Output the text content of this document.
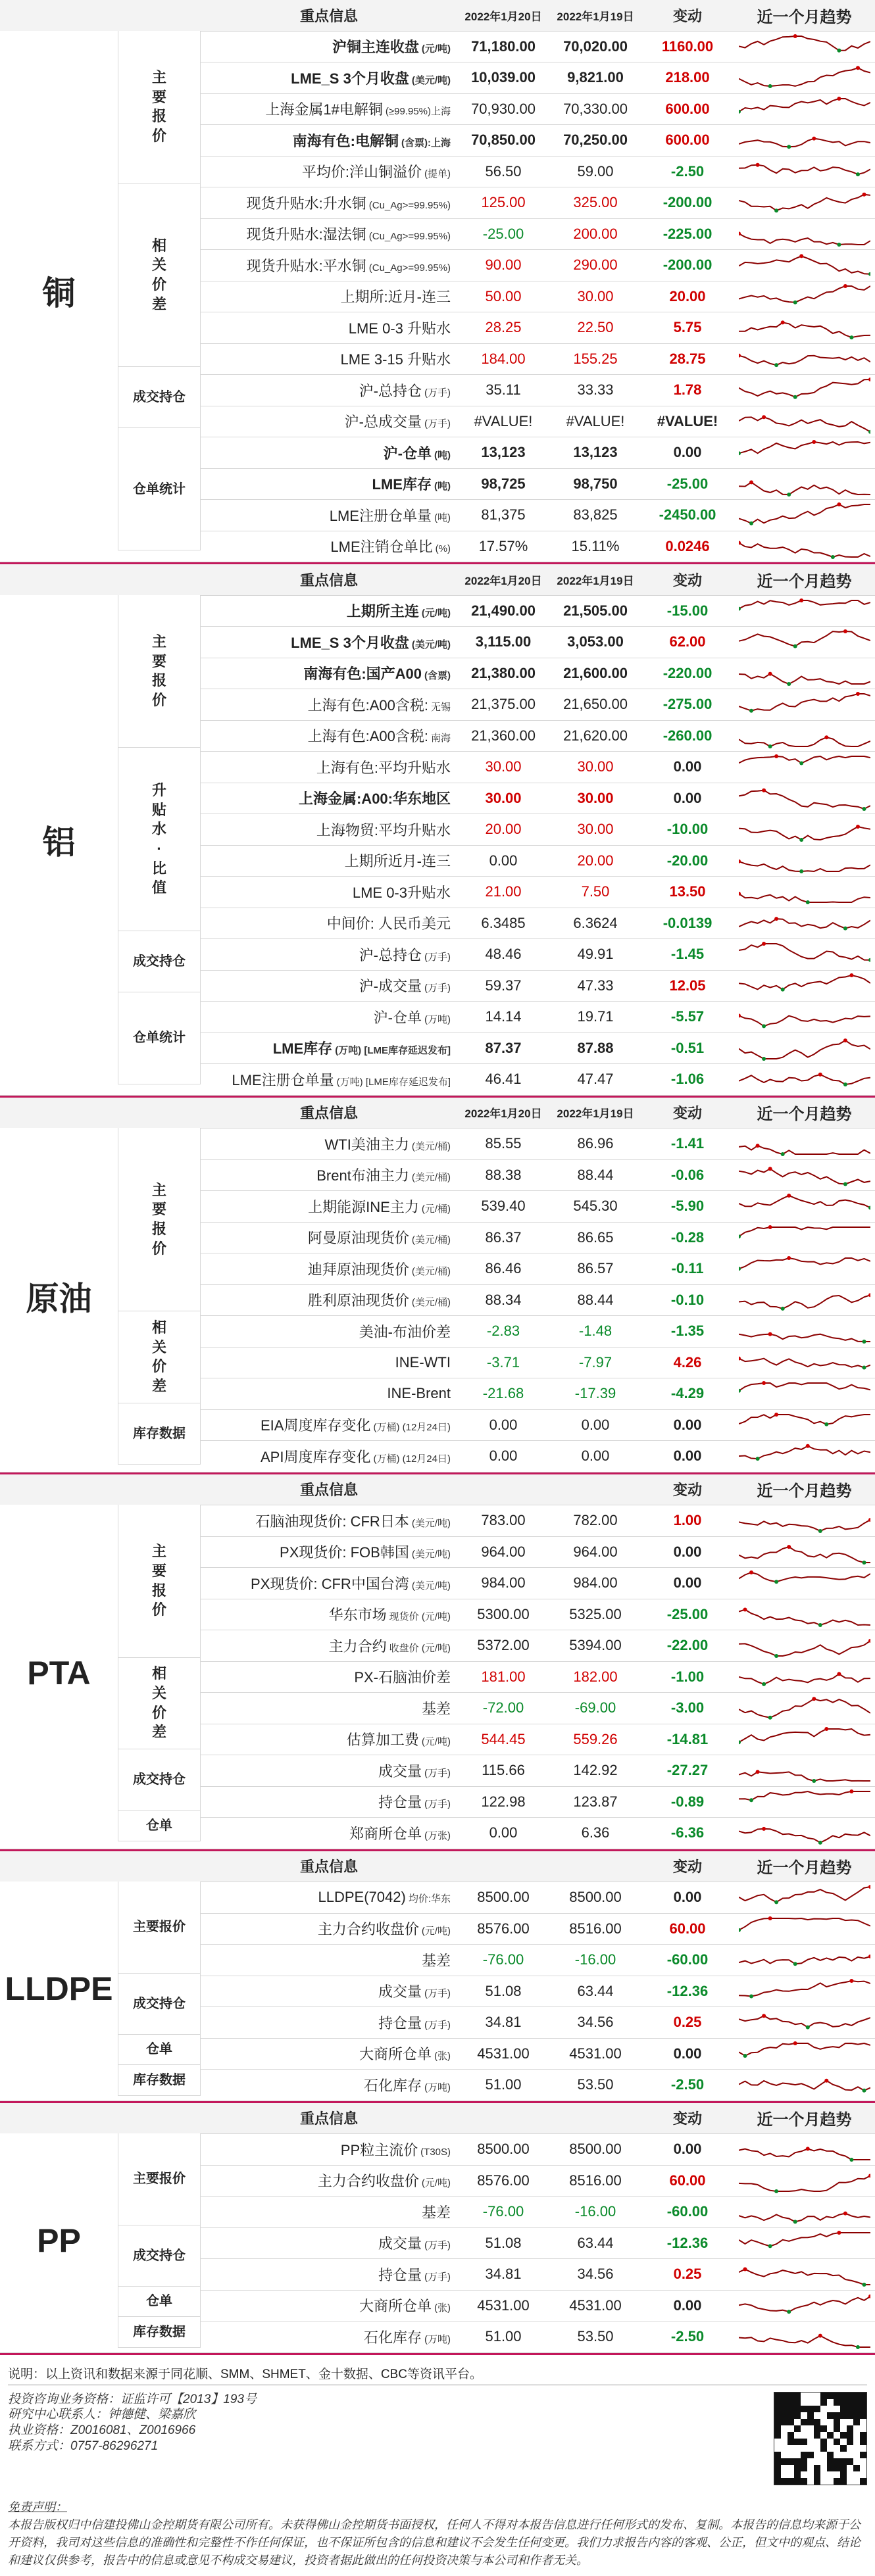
重点信息	2022年1月20日	2022年1月19日	变动	近一个月趋势
主
要
报
价
沪铜主连收盘 (元/吨)	71,180.00	70,020.00	1160.00
LME_S 3个月收盘 (美元/吨)	10,039.00	9,821.00	218.00
上海金属1#电解铜 (≥99.95%)上海	70,930.00	70,330.00	600.00
南海有色:电解铜 (含票):上海	70,850.00	70,250.00	600.00
平均价:洋山铜溢价 (提单)	56.50	59.00	-2.50
相
关
价
差
现货升贴水:升水铜 (Cu_Ag>=99.95%)	125.00	325.00	-200.00
现货升贴水:湿法铜 (Cu_Ag>=99.95%)	-25.00	200.00	-225.00
现货升贴水:平水铜 (Cu_Ag>=99.95%)	90.00	290.00	-200.00
上期所:近月-连三	50.00	30.00	20.00
LME 0-3 升贴水	28.25	22.50	5.75
LME 3-15 升贴水	184.00	155.25	28.75
成交持仓	沪-总持仓 (万手)	35.11	33.33	1.78
沪-总成交量 (万手)	#VALUE!	#VALUE!	#VALUE!
仓单统计
沪-仓单 (吨)	13,123	13,123	0.00
LME库存 (吨)	98,725	98,750	-25.00
LME注册仓单量 (吨)	81,375	83,825	-2450.00
LME注销仓单比 (%)	17.57%	15.11%	0.0246
铜
重点信息	2022年1月20日	2022年1月19日	变动	近一个月趋势
主
要
报
价
上期所主连 (元/吨)	21,490.00	21,505.00	-15.00
LME_S 3个月收盘 (美元/吨)	3,115.00	3,053.00	62.00
南海有色:国产A00 (含票)	21,380.00	21,600.00	-220.00
上海有色:A00含税: 无锡	21,375.00	21,650.00	-275.00
上海有色:A00含税: 南海	21,360.00	21,620.00	-260.00
升
贴
水
·
比
值
上海有色:平均升贴水	30.00	30.00	0.00
上海金属:A00:华东地区	30.00	30.00	0.00
上海物贸:平均升贴水	20.00	30.00	-10.00
上期所近月-连三	0.00	20.00	-20.00
LME 0-3升贴水	21.00	7.50	13.50
中间价: 人民币美元	6.3485	6.3624	-0.0139
成交持仓	沪-总持仓 (万手)	48.46	49.91	-1.45
沪-成交量 (万手)	59.37	47.33	12.05
仓单统计
沪-仓单 (万吨)	14.14	19.71	-5.57
LME库存 (万吨) [LME库存延迟发布]	87.37	87.88	-0.51
LME注册仓单量 (万吨) [LME库存延迟发布]	46.41	47.47	-1.06
铝
重点信息	2022年1月20日	2022年1月19日	变动	近一个月趋势
主
要
报
价
WTI美油主力 (美元/桶)	85.55	86.96	-1.41
Brent布油主力 (美元/桶)	88.38	88.44	-0.06
上期能源INE主力 (元/桶)	539.40	545.30	-5.90
阿曼原油现货价 (美元/桶)	86.37	86.65	-0.28
迪拜原油现货价 (美元/桶)	86.46	86.57	-0.11
胜利原油现货价 (美元/桶)	88.34	88.44	-0.10
相
关
价
差
美油-布油价差	-2.83	-1.48	-1.35
INE-WTI	-3.71	-7.97	4.26
INE-Brent	-21.68	-17.39	-4.29
库存数据	EIA周度库存变化 (万桶) (12月24日)	0.00	0.00	0.00
API周度库存变化 (万桶) (12月24日)	0.00	0.00	0.00
原油
重点信息	变动	近一个月趋势
主
要
报
价
石脑油现货价: CFR日本 (美元/吨)	783.00	782.00	1.00
PX现货价: FOB韩国 (美元/吨)	964.00	964.00	0.00
PX现货价: CFR中国台湾 (美元/吨)	984.00	984.00	0.00
华东市场 现货价 (元/吨)	5300.00	5325.00	-25.00
主力合约 收盘价 (元/吨)	5372.00	5394.00	-22.00
相
关
价
差
PX-石脑油价差	181.00	182.00	-1.00
基差	-72.00	-69.00	-3.00
估算加工费 (元/吨)	544.45	559.26	-14.81
成交持仓
成交量 (万手)	115.66	142.92	-27.27
持仓量 (万手)	122.98	123.87	-0.89
仓单	郑商所仓单 (万张)	0.00	6.36	-6.36
PTA
重点信息	变动	近一个月趋势
主要报价
LLDPE(7042) 均价:华东	8500.00	8500.00	0.00
主力合约收盘价 (元/吨)	8576.00	8516.00	60.00
基差	-76.00	-16.00	-60.00
成交持仓
成交量 (万手)	51.08	63.44	-12.36
持仓量 (万手)	34.81	34.56	0.25
仓单	大商所仓单 (张)	4531.00	4531.00	0.00
库存数据	石化库存 (万吨)	51.00	53.50	-2.50
LLDPE
重点信息	变动	近一个月趋势
主要报价
PP粒主流价 (T30S)	8500.00	8500.00	0.00
主力合约收盘价 (元/吨)	8576.00	8516.00	60.00
基差	-76.00	-16.00	-60.00
成交持仓
成交量 (万手)	51.08	63.44	-12.36
持仓量 (万手)	34.81	34.56	0.25
仓单	大商所仓单 (张)	4531.00	4531.00	0.00
库存数据	石化库存 (万吨)	51.00	53.50	-2.50
PP
说明：以上资讯和数据来源于同花顺、SMM、SHMET、金十数据、CBC等资讯平台。
投资咨询业务资格：证监许可【2013】193号
研究中心联系人：钟德健、梁嘉欣
执业资格：Z0016081、Z0016966
联系方式：0757-86296271
免责声明：
本报告版权归中信建投佛山金控期货有限公司所有。未获得佛山金控期货书面授权，任何人不得对本报告信息进行任何形式的发布、复制。本报告的信息均来源于公开资料，我司对这些信息的准确性和完整性不作任何保证，也不保证所包含的信息和建议不会发生任何变更。我们力求报告内容的客观、公正，但文中的观点、结论和建议仅供参考，报告中的信息或意见不构成交易建议，投资者据此做出的任何投资决策与本公司和作者无关。
